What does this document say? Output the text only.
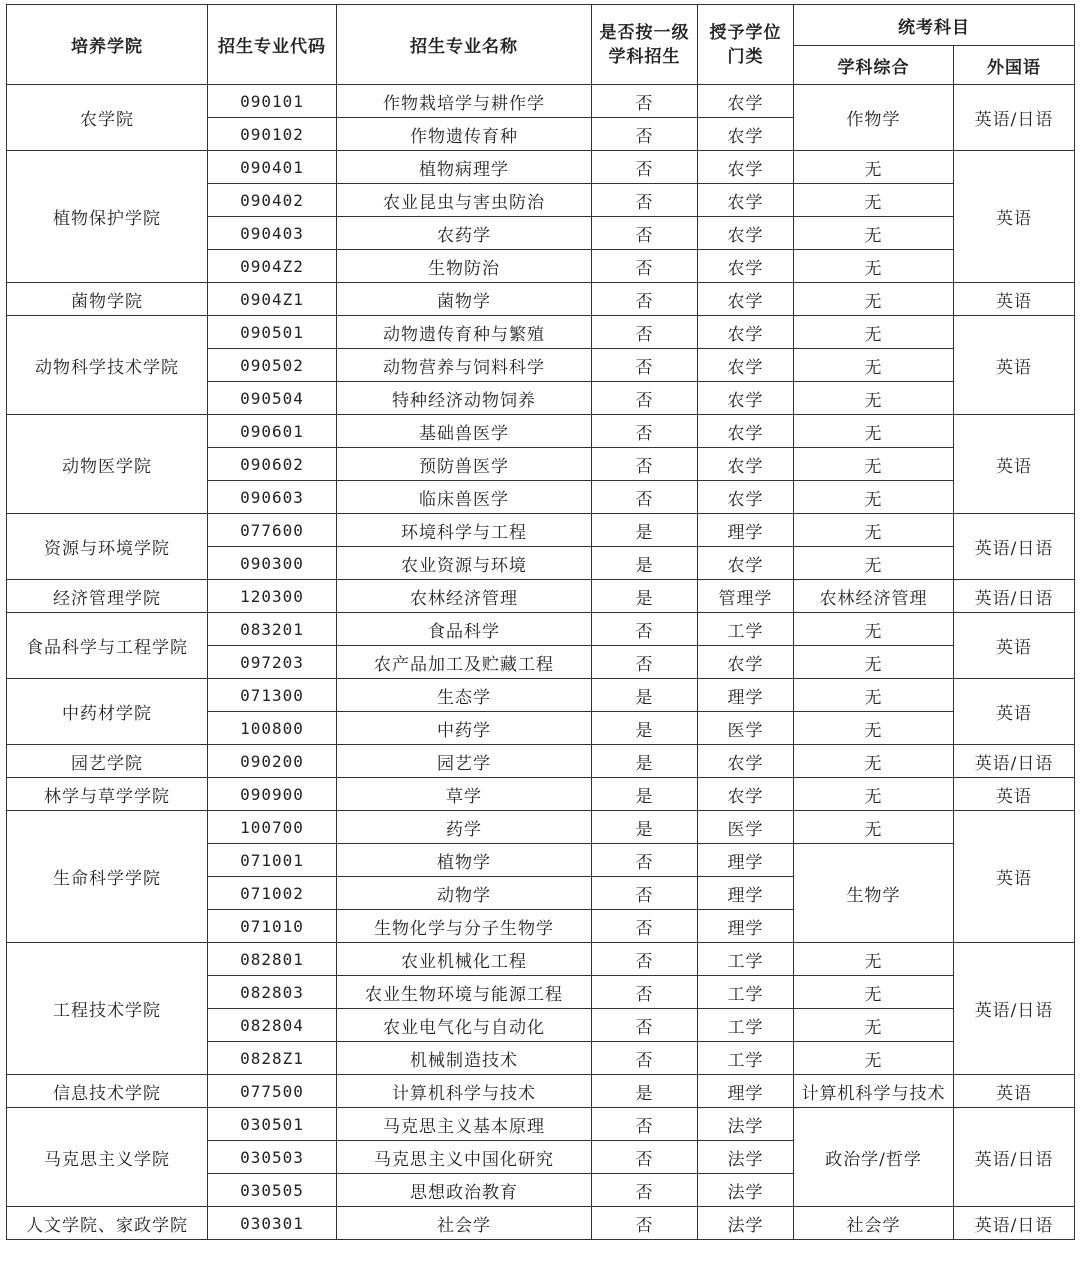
培养学院	招生专业代码	招生专业名称	是否按一级学科招生	授予学位门类	统考科目	
					学科综合	外国语
农学院	090101	作物栽培学与耕作学	否	农学	作物学	英语/日语
	090102	作物遗传育种	否	农学		
植物保护学院	090401	植物病理学	否	农学	无	英语
	090402	农业昆虫与害虫防治	否	农学	无	
	090403	农药学	否	农学	无	
	0904Z2	生物防治	否	农学	无	
菌物学院	0904Z1	菌物学	否	农学	无	英语
动物科学技术学院	090501	动物遗传育种与繁殖	否	农学	无	英语
	090502	动物营养与饲料科学	否	农学	无	
	090504	特种经济动物饲养	否	农学	无	
动物医学院	090601	基础兽医学	否	农学	无	英语
	090602	预防兽医学	否	农学	无	
	090603	临床兽医学	否	农学	无	
资源与环境学院	077600	环境科学与工程	是	理学	无	英语/日语
	090300	农业资源与环境	是	农学	无	
经济管理学院	120300	农林经济管理	是	管理学	农林经济管理	英语/日语
食品科学与工程学院	083201	食品科学	否	工学	无	英语
	097203	农产品加工及贮藏工程	否	农学	无	
中药材学院	071300	生态学	是	理学	无	英语
	100800	中药学	是	医学	无	
园艺学院	090200	园艺学	是	农学	无	英语/日语
林学与草学学院	090900	草学	是	农学	无	英语
生命科学学院	100700	药学	是	医学	无	英语
	071001	植物学	否	理学	生物学	
	071002	动物学	否	理学		
	071010	生物化学与分子生物学	否	理学		
工程技术学院	082801	农业机械化工程	否	工学	无	英语/日语
	082803	农业生物环境与能源工程	否	工学	无	
	082804	农业电气化与自动化	否	工学	无	
	0828Z1	机械制造技术	否	工学	无	
信息技术学院	077500	计算机科学与技术	是	理学	计算机科学与技术	英语
马克思主义学院	030501	马克思主义基本原理	否	法学	政治学/哲学	英语/日语
	030503	马克思主义中国化研究	否	法学		
	030505	思想政治教育	否	法学		
人文学院、家政学院	030301	社会学	否	法学	社会学	英语/日语
